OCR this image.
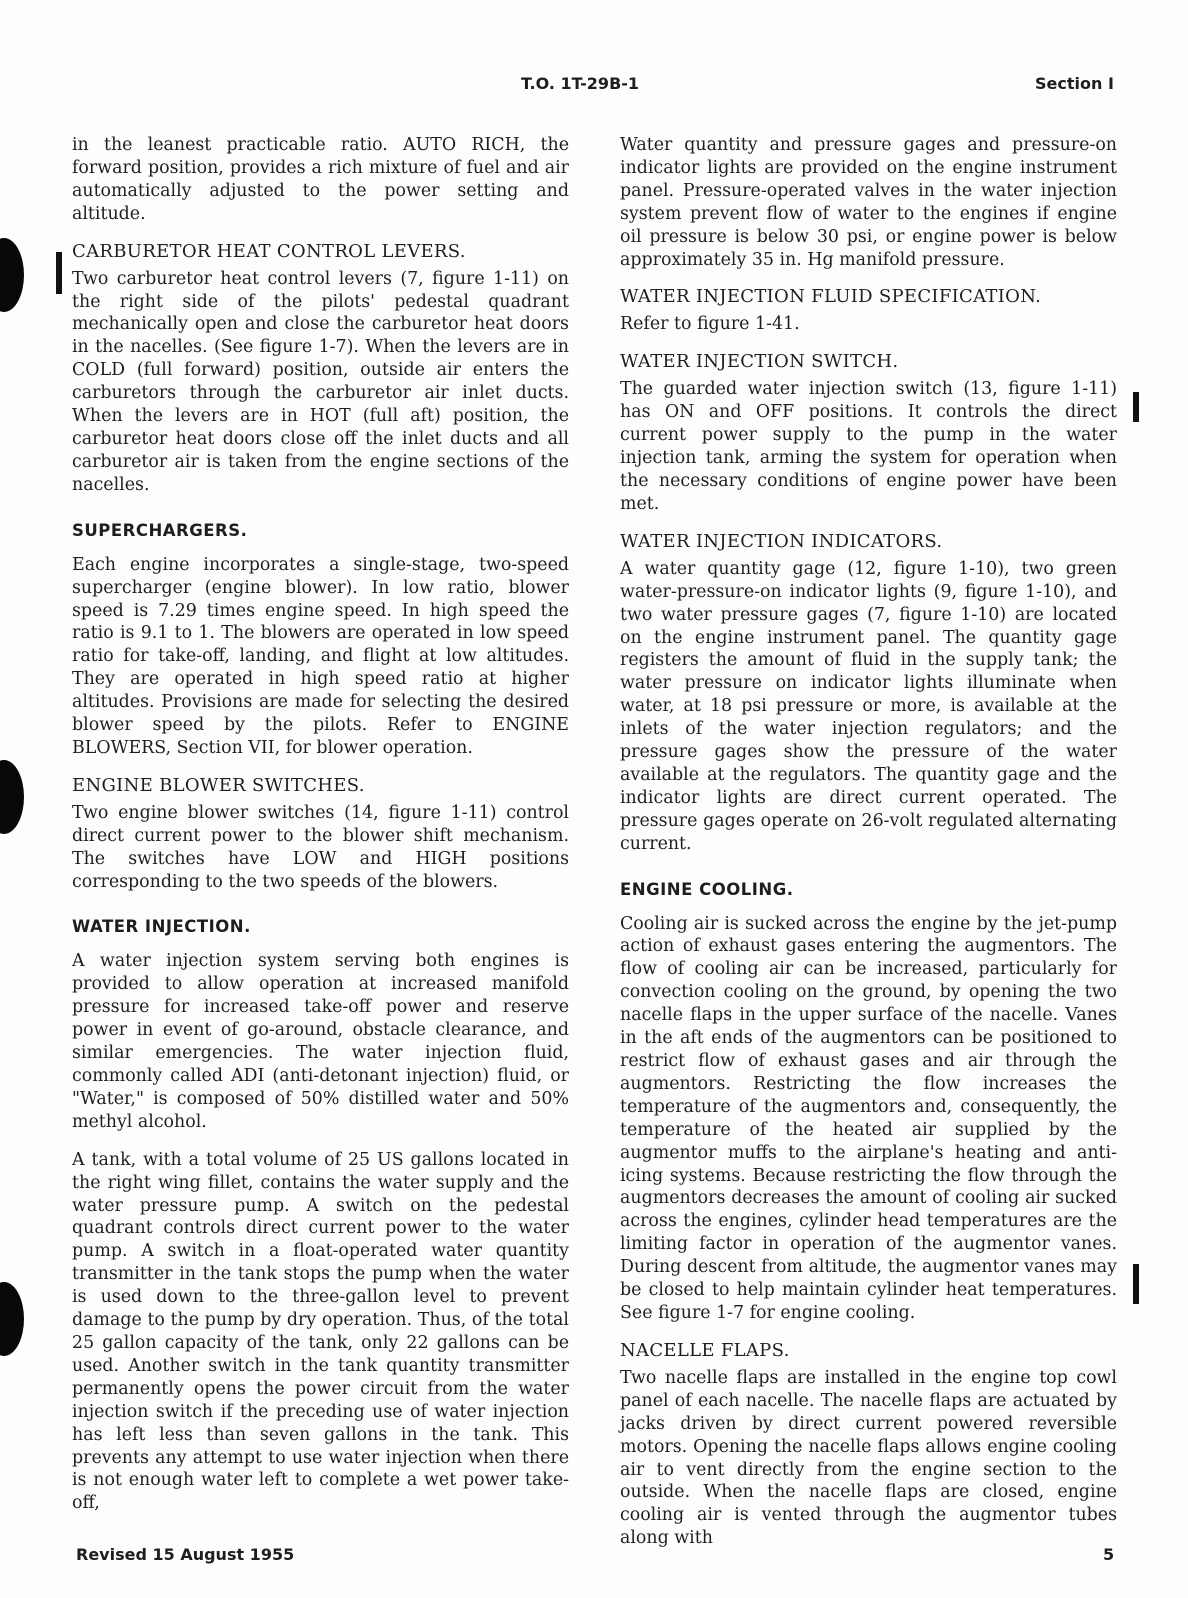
T.O. 1T-29B-1	Section I

in the leanest practicable ratio. AUTO RICH, the forward position, provides a rich mixture of fuel and air automatically adjusted to the power setting and altitude.

CARBURETOR HEAT CONTROL LEVERS.

Two carburetor heat control levers (7, figure 1-11) on the right side of the pilots' pedestal quadrant mechanically open and close the carburetor heat doors in the nacelles. (See figure 1-7). When the levers are in COLD (full forward) position, outside air enters the carburetors through the carburetor air inlet ducts. When the levers are in HOT (full aft) position, the carburetor heat doors close off the inlet ducts and all carburetor air is taken from the engine sections of the nacelles.

SUPERCHARGERS.

Each engine incorporates a single-stage, two-speed supercharger (engine blower). In low ratio, blower speed is 7.29 times engine speed. In high speed the ratio is 9.1 to 1. The blowers are operated in low speed ratio for take-off, landing, and flight at low altitudes. They are operated in high speed ratio at higher altitudes. Provisions are made for selecting the desired blower speed by the pilots. Refer to ENGINE BLOWERS, Section VII, for blower operation.

ENGINE BLOWER SWITCHES.

Two engine blower switches (14, figure 1-11) control direct current power to the blower shift mechanism. The switches have LOW and HIGH positions corresponding to the two speeds of the blowers.

WATER INJECTION.

A water injection system serving both engines is provided to allow operation at increased manifold pressure for increased take-off power and reserve power in event of go-around, obstacle clearance, and similar emergencies. The water injection fluid, commonly called ADI (anti-detonant injection) fluid, or "Water," is composed of 50% distilled water and 50% methyl alcohol.

A tank, with a total volume of 25 US gallons located in the right wing fillet, contains the water supply and the water pressure pump. A switch on the pedestal quadrant controls direct current power to the water pump. A switch in a float-operated water quantity transmitter in the tank stops the pump when the water is used down to the three-gallon level to prevent damage to the pump by dry operation. Thus, of the total 25 gallon capacity of the tank, only 22 gallons can be used. Another switch in the tank quantity transmitter permanently opens the power circuit from the water injection switch if the preceding use of water injection has left less than seven gallons in the tank. This prevents any attempt to use water injection when there is not enough water left to complete a wet power take-off,

Water quantity and pressure gages and pressure-on indicator lights are provided on the engine instrument panel. Pressure-operated valves in the water injection system prevent flow of water to the engines if engine oil pressure is below 30 psi, or engine power is below approximately 35 in. Hg manifold pressure.

WATER INJECTION FLUID SPECIFICATION.

Refer to figure 1-41.

WATER INJECTION SWITCH.

The guarded water injection switch (13, figure 1-11) has ON and OFF positions. It controls the direct current power supply to the pump in the water injection tank, arming the system for operation when the necessary conditions of engine power have been met.

WATER INJECTION INDICATORS.

A water quantity gage (12, figure 1-10), two green water-pressure-on indicator lights (9, figure 1-10), and two water pressure gages (7, figure 1-10) are located on the engine instrument panel. The quantity gage registers the amount of fluid in the supply tank; the water pressure on indicator lights illuminate when water, at 18 psi pressure or more, is available at the inlets of the water injection regulators; and the pressure gages show the pressure of the water available at the regulators. The quantity gage and the indicator lights are direct current operated. The pressure gages operate on 26-volt regulated alternating current.

ENGINE COOLING.

Cooling air is sucked across the engine by the jet-pump action of exhaust gases entering the augmentors. The flow of cooling air can be increased, particularly for convection cooling on the ground, by opening the two nacelle flaps in the upper surface of the nacelle. Vanes in the aft ends of the augmentors can be positioned to restrict flow of exhaust gases and air through the augmentors. Restricting the flow increases the temperature of the augmentors and, consequently, the temperature of the heated air supplied by the augmentor muffs to the airplane's heating and anti-icing systems. Because restricting the flow through the augmentors decreases the amount of cooling air sucked across the engines, cylinder head temperatures are the limiting factor in operation of the augmentor vanes. During descent from altitude, the augmentor vanes may be closed to help maintain cylinder heat temperatures. See figure 1-7 for engine cooling.

NACELLE FLAPS.

Two nacelle flaps are installed in the engine top cowl panel of each nacelle. The nacelle flaps are actuated by jacks driven by direct current powered reversible motors. Opening the nacelle flaps allows engine cooling air to vent directly from the engine section to the outside. When the nacelle flaps are closed, engine cooling air is vented through the augmentor tubes along with

Revised 15 August 1955	5
